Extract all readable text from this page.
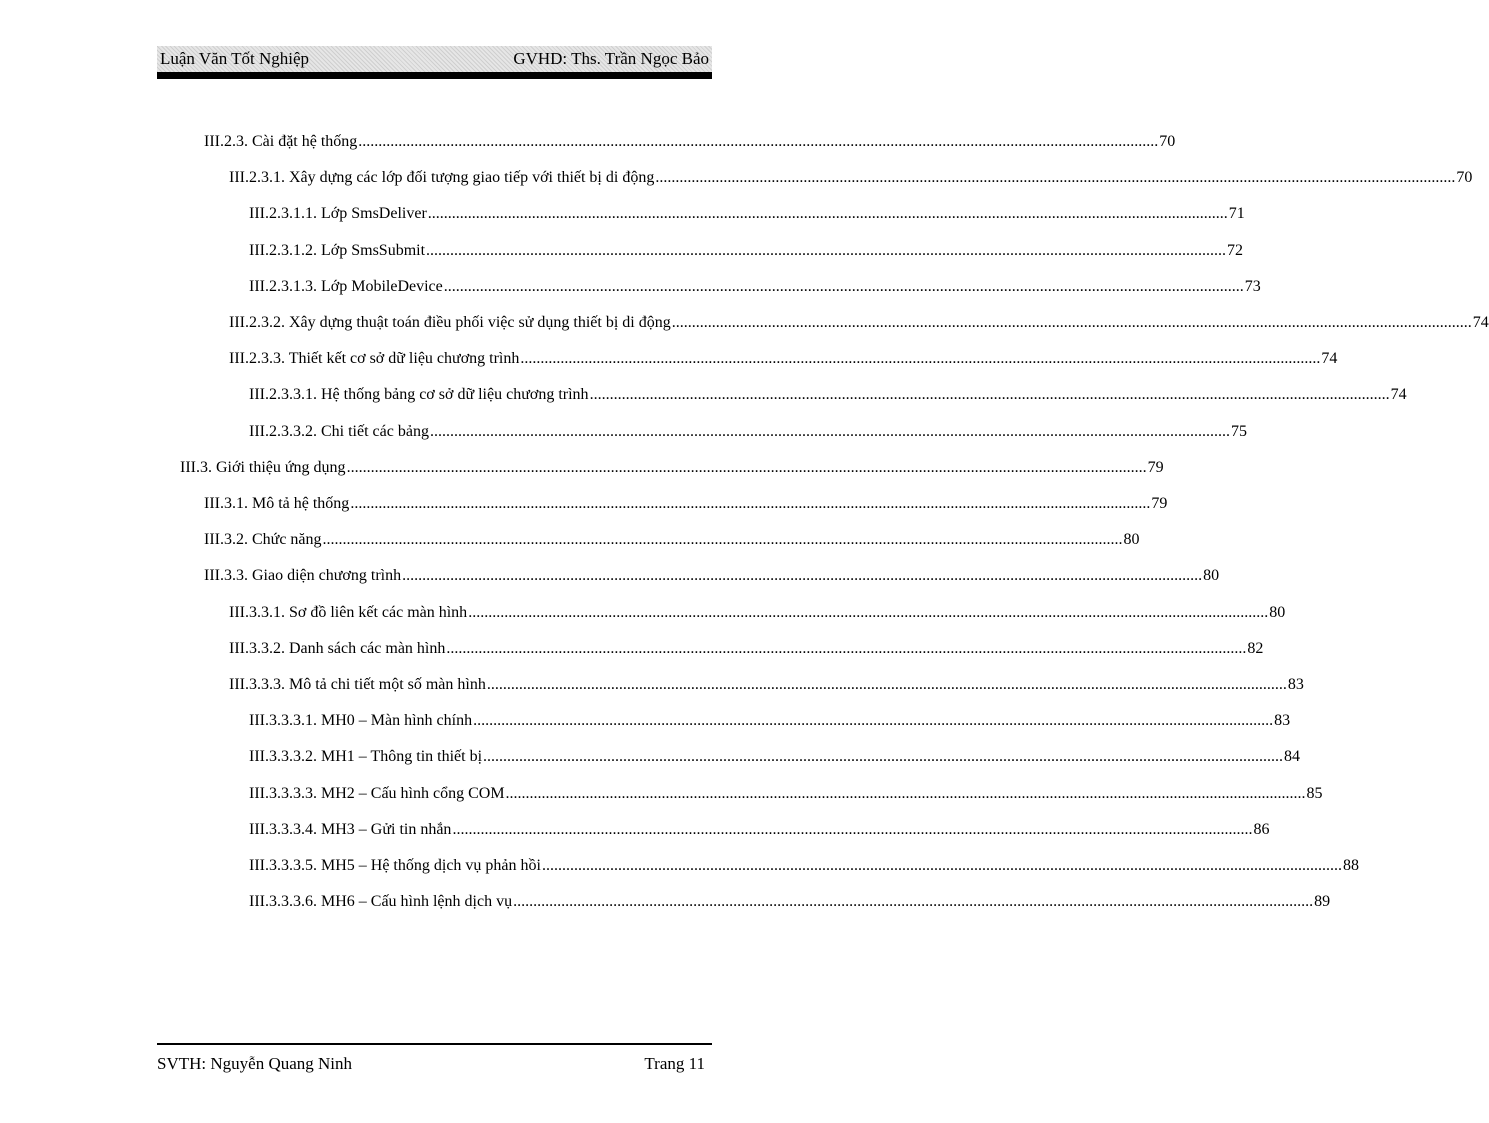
Luận Văn Tốt Nghiệp	GVHD: Ths. Trần Ngọc Bảo
III.2.3. Cài đặt hệ thống ........................................................................................................................................................................................................ 70
III.2.3.1. Xây dựng các lớp đối tượng giao tiếp với thiết bị di động ........................................................................................................................................................................................................ 70
III.2.3.1.1. Lớp SmsDeliver ........................................................................................................................................................................................................ 71
III.2.3.1.2. Lớp SmsSubmit ........................................................................................................................................................................................................ 72
III.2.3.1.3. Lớp MobileDevice ........................................................................................................................................................................................................ 73
III.2.3.2. Xây dựng thuật toán điều phối việc sử dụng thiết bị di động ........................................................................................................................................................................................................ 74
III.2.3.3. Thiết kết cơ sở dữ liệu chương trình ........................................................................................................................................................................................................ 74
III.2.3.3.1. Hệ thống bảng cơ sở dữ liệu chương trình ........................................................................................................................................................................................................ 74
III.2.3.3.2. Chi tiết các bảng ........................................................................................................................................................................................................ 75
III.3. Giới thiệu ứng dụng ........................................................................................................................................................................................................ 79
III.3.1. Mô tả hệ thống ........................................................................................................................................................................................................ 79
III.3.2. Chức năng ........................................................................................................................................................................................................ 80
III.3.3. Giao diện chương trình ........................................................................................................................................................................................................ 80
III.3.3.1. Sơ đồ liên kết các màn hình ........................................................................................................................................................................................................ 80
III.3.3.2. Danh sách các màn hình ........................................................................................................................................................................................................ 82
III.3.3.3. Mô tả chi tiết một số màn hình ........................................................................................................................................................................................................ 83
III.3.3.3.1. MH0 – Màn hình chính ........................................................................................................................................................................................................ 83
III.3.3.3.2. MH1 – Thông tin thiết bị ........................................................................................................................................................................................................ 84
III.3.3.3.3. MH2 – Cấu hình cổng COM ........................................................................................................................................................................................................ 85
III.3.3.3.4. MH3 – Gửi tin nhắn ........................................................................................................................................................................................................ 86
III.3.3.3.5. MH5 – Hệ thống dịch vụ phản hồi ........................................................................................................................................................................................................ 88
III.3.3.3.6. MH6 – Cấu hình lệnh dịch vụ ........................................................................................................................................................................................................ 89
SVTH: Nguyễn Quang Ninh	Trang 11
